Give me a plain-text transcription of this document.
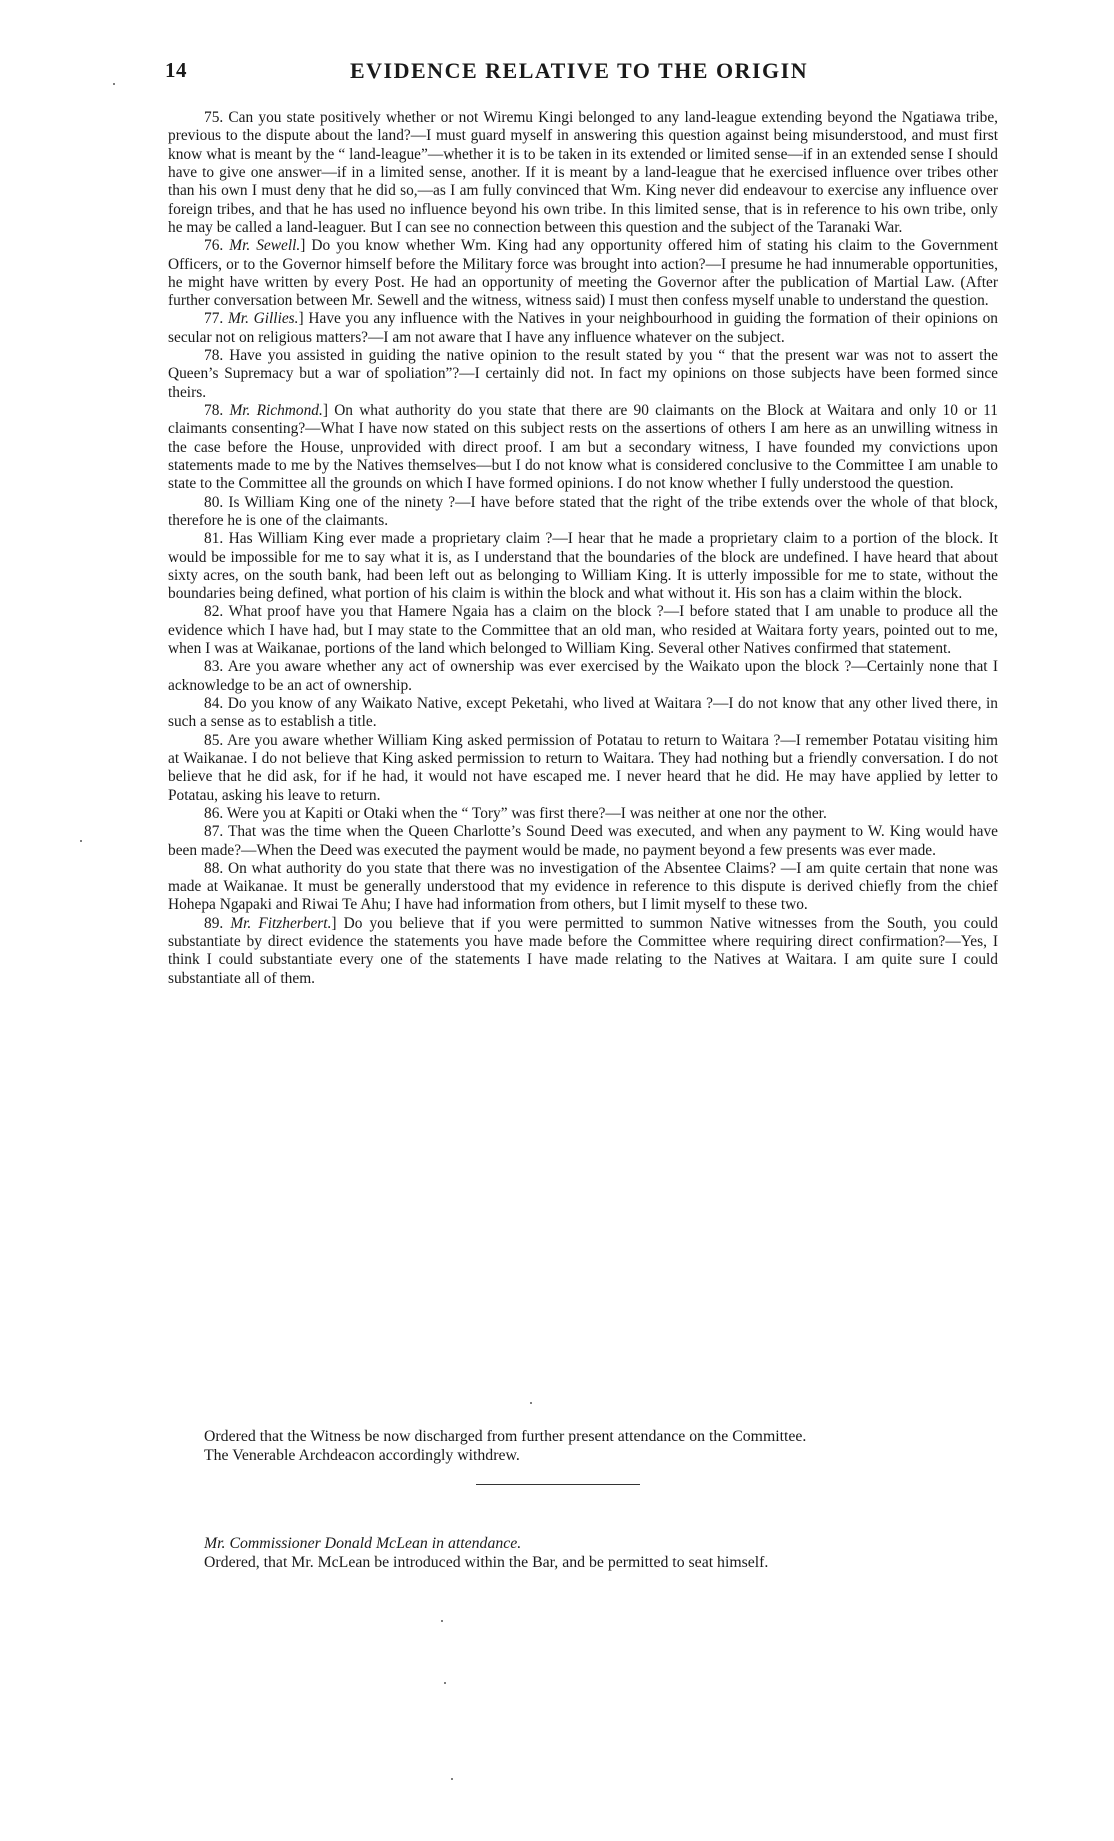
14	EVIDENCE RELATIVE TO THE ORIGIN

75. Can you state positively whether or not Wiremu Kingi belonged to any land-league extending beyond the Ngatiawa tribe, previous to the dispute about the land?—I must guard myself in answering this question against being misunderstood, and must first know what is meant by the “ land-league”—whether it is to be taken in its extended or limited sense—if in an extended sense I should have to give one answer—if in a limited sense, another. If it is meant by a land-league that he exercised influence over tribes other than his own I must deny that he did so,—as I am fully convinced that Wm. King never did endeavour to exercise any influence over foreign tribes, and that he has used no influence beyond his own tribe. In this limited sense, that is in reference to his own tribe, only he may be called a land-leaguer. But I can see no connection between this question and the subject of the Taranaki War.

76. Mr. Sewell.] Do you know whether Wm. King had any opportunity offered him of stating his claim to the Government Officers, or to the Governor himself before the Military force was brought into action?—I presume he had innumerable opportunities, he might have written by every Post. He had an opportunity of meeting the Governor after the publication of Martial Law. (After further conversation between Mr. Sewell and the witness, witness said) I must then confess myself unable to understand the question.

77. Mr. Gillies.] Have you any influence with the Natives in your neighbourhood in guiding the formation of their opinions on secular not on religious matters?—I am not aware that I have any influence whatever on the subject.

78. Have you assisted in guiding the native opinion to the result stated by you “ that the present war was not to assert the Queen’s Supremacy but a war of spoliation”?—I certainly did not. In fact my opinions on those subjects have been formed since theirs.

78. Mr. Richmond.] On what authority do you state that there are 90 claimants on the Block at Waitara and only 10 or 11 claimants consenting?—What I have now stated on this subject rests on the assertions of others I am here as an unwilling witness in the case before the House, unprovided with direct proof. I am but a secondary witness, I have founded my convictions upon statements made to me by the Natives themselves—but I do not know what is considered conclusive to the Committee I am unable to state to the Committee all the grounds on which I have formed opinions. I do not know whether I fully understood the question.

80. Is William King one of the ninety ?—I have before stated that the right of the tribe extends over the whole of that block, therefore he is one of the claimants.

81. Has William King ever made a proprietary claim ?—I hear that he made a proprietary claim to a portion of the block. It would be impossible for me to say what it is, as I understand that the boundaries of the block are undefined. I have heard that about sixty acres, on the south bank, had been left out as belonging to William King. It is utterly impossible for me to state, without the boundaries being defined, what portion of his claim is within the block and what without it. His son has a claim within the block.

82. What proof have you that Hamere Ngaia has a claim on the block ?—I before stated that I am unable to produce all the evidence which I have had, but I may state to the Committee that an old man, who resided at Waitara forty years, pointed out to me, when I was at Waikanae, portions of the land which belonged to William King. Several other Natives confirmed that statement.

83. Are you aware whether any act of ownership was ever exercised by the Waikato upon the block ?—Certainly none that I acknowledge to be an act of ownership.

84. Do you know of any Waikato Native, except Peketahi, who lived at Waitara ?—I do not know that any other lived there, in such a sense as to establish a title.

85. Are you aware whether William King asked permission of Potatau to return to Waitara ?—I remember Potatau visiting him at Waikanae. I do not believe that King asked permission to return to Waitara. They had nothing but a friendly conversation. I do not believe that he did ask, for if he had, it would not have escaped me. I never heard that he did. He may have applied by letter to Potatau, asking his leave to return.

86. Were you at Kapiti or Otaki when the “ Tory” was first there?—I was neither at one nor the other.

87. That was the time when the Queen Charlotte’s Sound Deed was executed, and when any payment to W. King would have been made?—When the Deed was executed the payment would be made, no payment beyond a few presents was ever made.

88. On what authority do you state that there was no investigation of the Absentee Claims? —I am quite certain that none was made at Waikanae. It must be generally understood that my evidence in reference to this dispute is derived chiefly from the chief Hohepa Ngapaki and Riwai Te Ahu; I have had information from others, but I limit myself to these two.

89. Mr. Fitzherbert.] Do you believe that if you were permitted to summon Native witnesses from the South, you could substantiate by direct evidence the statements you have made before the Committee where requiring direct confirmation?—Yes, I think I could substantiate every one of the statements I have made relating to the Natives at Waitara. I am quite sure I could substantiate all of them.

Ordered that the Witness be now discharged from further present attendance on the Committee.

The Venerable Archdeacon accordingly withdrew.

Mr. Commissioner Donald McLean in attendance.

Ordered, that Mr. McLean be introduced within the Bar, and be permitted to seat himself.
